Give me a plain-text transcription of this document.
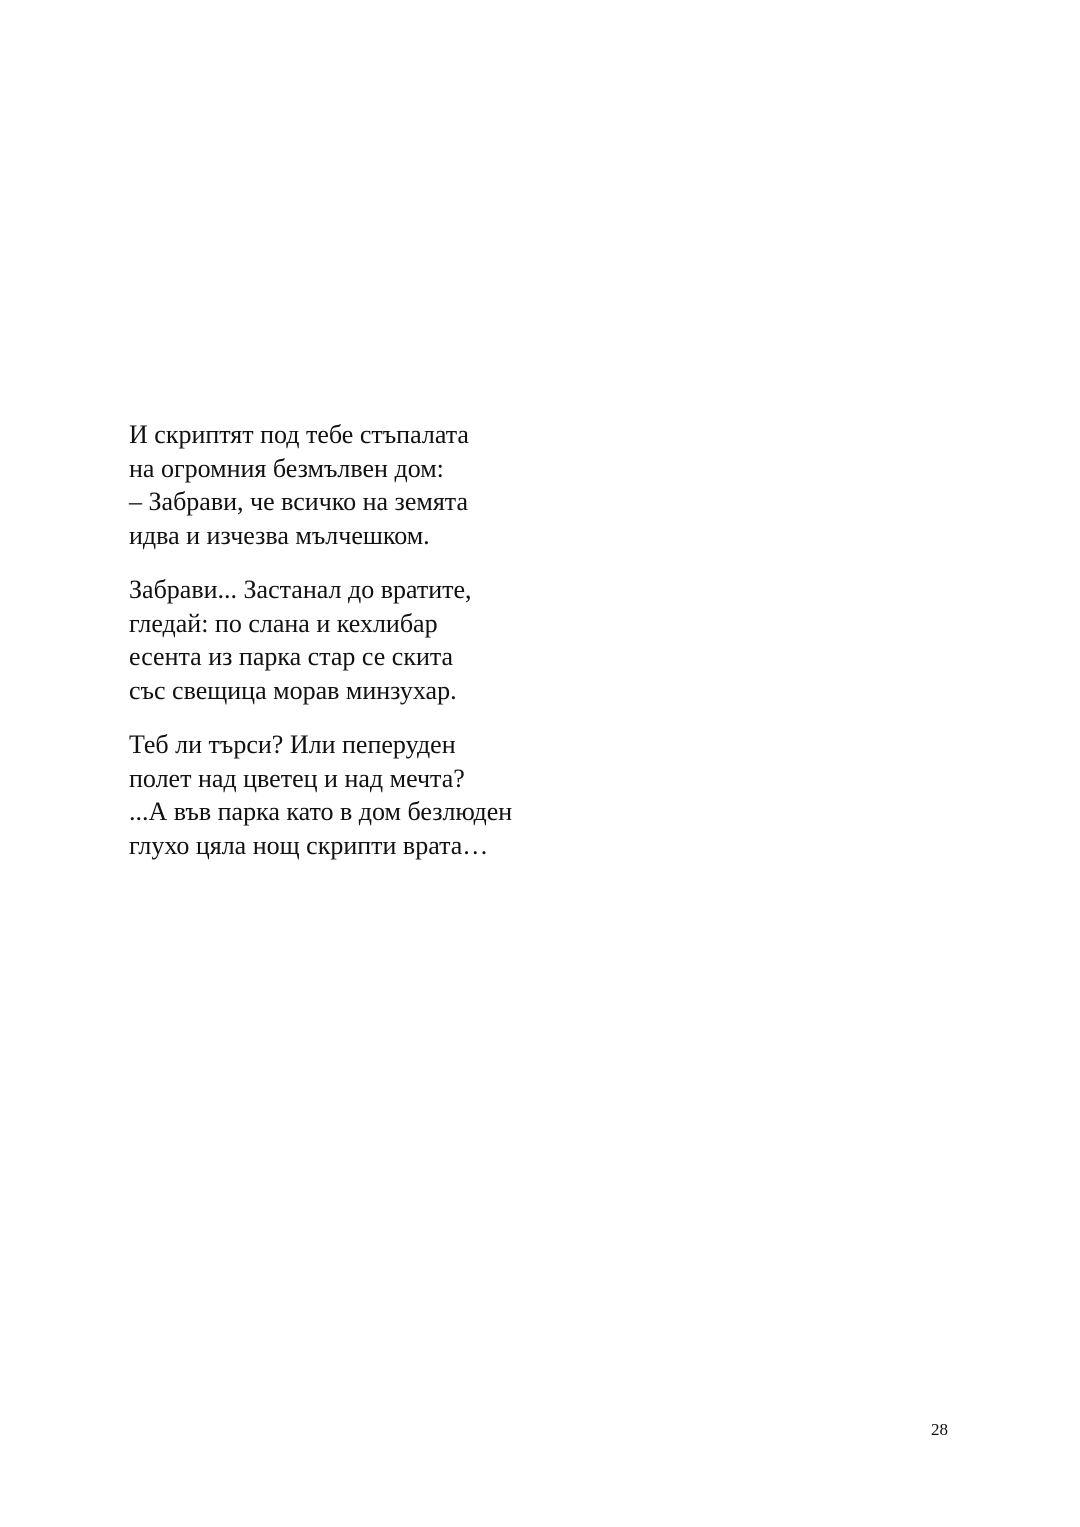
И скриптят под тебе стъпалата
на огромния безмълвен дом:
– Забрави, че всичко на земята
идва и изчезва мълчешком.
Забрави... Застанал до вратите,
гледай: по слана и кехлибар
есента из парка стар се скита
със свещица морав минзухар.
Теб ли търси? Или пеперуден
полет над цветец и над мечта?
...А във парка като в дом безлюден
глухо цяла нощ скрипти врата…
28
